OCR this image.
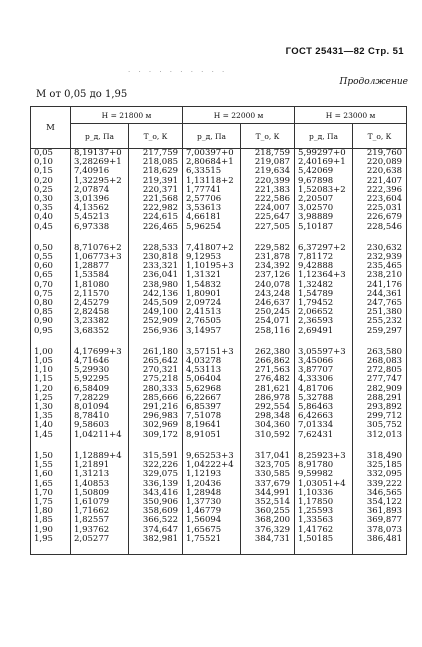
ГОСТ 25431—82 Стр. 51
· · · · · · · · · ·
Продолжение
М от 0,05 до 1,95
М	H = 21800 м		H = 22000 м		H = 23000 м	
	p_д, Па	T_о, К	p_д, Па	T_о, К	p_д, Па	T_о, К
0,05	8,19137+0	217,759	7,00397+0	218,759	5,99297+0	219,760
0,10	3,28269+1	218,085	2,80684+1	219,087	2,40169+1	220,089
0,15	7,40916	218,629	6,33515	219,634	5,42069	220,638
0,20	1,32295+2	219,391	1,13118+2	220,399	9,67898	221,407
0,25	2,07874	220,371	1,77741	221,383	1,52083+2	222,396
0,30	3,01396	221,568	2,57706	222,586	2,20507	223,604
0,35	4,13562	222,982	3,53613	224,007	3,02570	225,031
0,40	5,45213	224,615	4,66181	225,647	3,98889	226,679
0,45	6,97338	226,465	5,96254	227,505	5,10187	228,546
0,50	8,71076+2	228,533	7,41807+2	229,582	6,37297+2	230,632
0,55	1,06773+3	230,818	9,12953	231,878	7,81172	232,939
0,60	1,28877	233,321	1,10195+3	234,392	9,42888	235,465
0,65	1,53584	236,041	1,31321	237,126	1,12364+3	238,210
0,70	1,81080	238,980	1,54832	240,078	1,32482	241,176
0,75	2,11570	242,136	1,80901	243,248	1,54789	244,361
0,80	2,45279	245,509	2,09724	246,637	1,79452	247,765
0,85	2,82458	249,100	2,41513	250,245	2,06652	251,380
0,90	3,23382	252,909	2,76505	254,071	2,36593	255,232
0,95	3,68352	256,936	3,14957	258,116	2,69491	259,297
1,00	4,17699+3	261,180	3,57151+3	262,380	3,05597+3	263,580
1,05	4,71646	265,642	4,03278	266,862	3,45066	268,083
1,10	5,29930	270,321	4,53113	271,563	3,87707	272,805
1,15	5,92295	275,218	5,06404	276,482	4,33306	277,747
1,20	6,58409	280,333	5,62968	281,621	4,81706	282,909
1,25	7,28229	285,666	6,22667	286,978	5,32788	288,291
1,30	8,01094	291,216	6,85397	292,554	5,86463	293,892
1,35	8,78410	296,983	7,51078	298,348	6,42663	299,712
1,40	9,58603	302,969	8,19641	304,360	7,01334	305,752
1,45	1,04211+4	309,172	8,91051	310,592	7,62431	312,013
1,50	1,12889+4	315,591	9,65253+3	317,041	8,25923+3	318,490
1,55	1,21891	322,226	1,04222+4	323,705	8,91780	325,185
1,60	1,31213	329,075	1,12193	330,585	9,59982	332,095
1,65	1,40853	336,139	1,20436	337,679	1,03051+4	339,222
1,70	1,50809	343,416	1,28948	344,991	1,10336	346,565
1,75	1,61079	350,906	1,37730	352,514	1,17850	354,122
1,80	1,71662	358,609	1,46779	360,255	1,25593	361,893
1,85	1,82557	366,522	1,56094	368,200	1,33563	369,877
1,90	1,93762	374,647	1,65675	376,329	1,41762	378,073
1,95	2,05277	382,981	1,75521	384,731	1,50185	386,481
